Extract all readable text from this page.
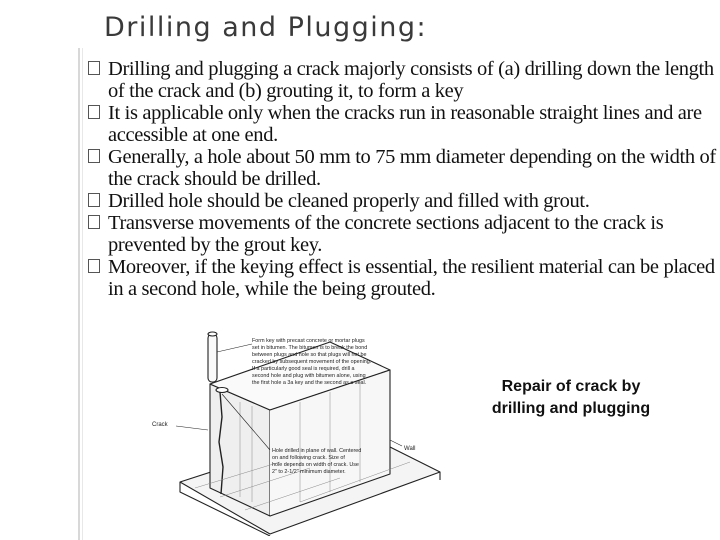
Drilling and Plugging:
Drilling and plugging a crack majorly consists of (a) drilling down the length of the crack and (b) grouting it, to form a key
It is applicable only when the cracks run in reasonable straight lines and are accessible at one end.
Generally, a hole about 50 mm to 75 mm diameter depending on the width of the crack should be drilled.
Drilled hole should be cleaned properly and filled with grout.
Transverse movements of the concrete sections adjacent to the crack is prevented by the grout key.
Moreover, if the keying effect is essential, the resilient material can be placed in a second hole, while the being grouted.
Repair of crack by
drilling and plugging
Form key with precast concrete or mortar plugs
set in bitumen. The bitumen is to break the bond
between plugs and hole so that plugs will not be
cracked by subsequent movement of the opening.
If a particularly good seal is required, drill a
second hole and plug with bitumen alone, using
the first hole a 3a key and the second as a seal.
Hole drilled in plane of wall. Centered
on and following crack. Size of
hole depends on width of crack. Use
2" to 2-1/2" minimum diameter.
Crack
Wall
